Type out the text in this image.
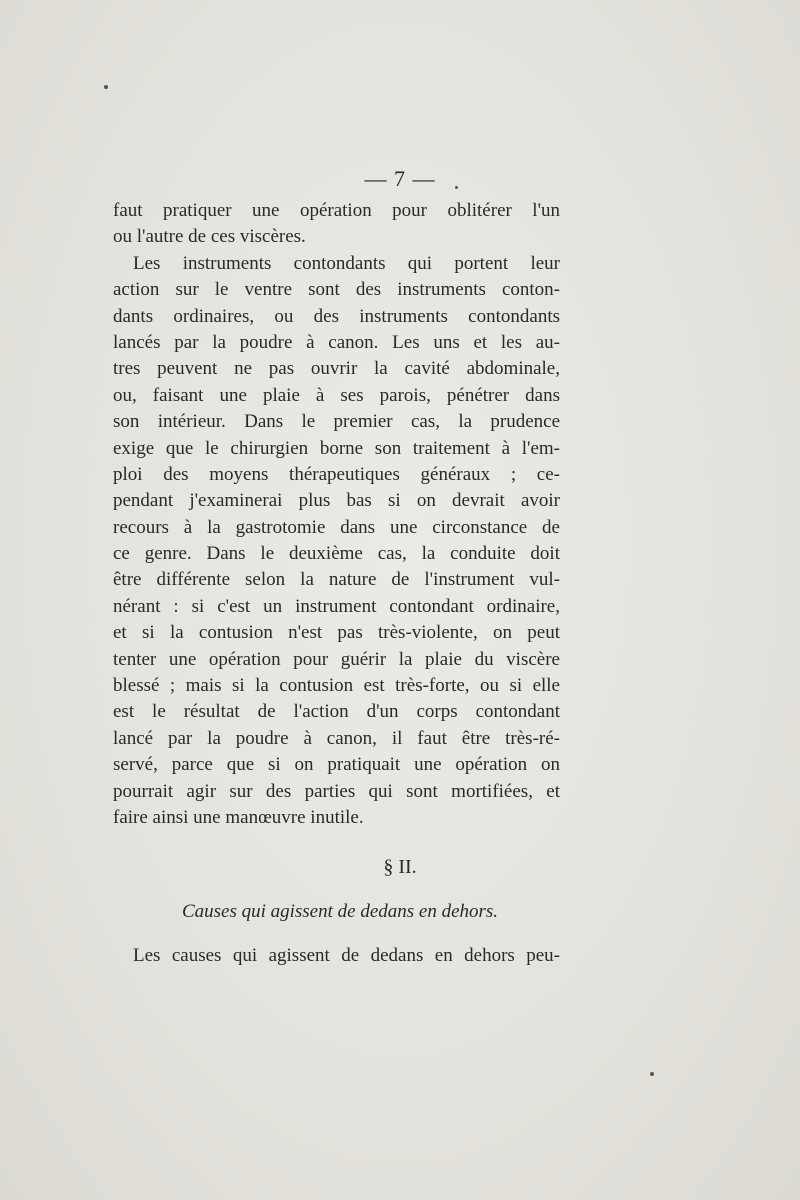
— 7 —
faut pratiquer une opération pour oblitérer l'un
ou l'autre de ces viscères.
Les instruments contondants qui portent leur
action sur le ventre sont des instruments conton-
dants ordinaires, ou des instruments contondants
lancés par la poudre à canon. Les uns et les au-
tres peuvent ne pas ouvrir la cavité abdominale,
ou, faisant une plaie à ses parois, pénétrer dans
son intérieur. Dans le premier cas, la prudence
exige que le chirurgien borne son traitement à l'em-
ploi des moyens thérapeutiques généraux ; ce-
pendant j'examinerai plus bas si on devrait avoir
recours à la gastrotomie dans une circonstance de
ce genre. Dans le deuxième cas, la conduite doit
être différente selon la nature de l'instrument vul-
nérant : si c'est un instrument contondant ordinaire,
et si la contusion n'est pas très-violente, on peut
tenter une opération pour guérir la plaie du viscère
blessé ; mais si la contusion est très-forte, ou si elle
est le résultat de l'action d'un corps contondant
lancé par la poudre à canon, il faut être très-ré-
servé, parce que si on pratiquait une opération on
pourrait agir sur des parties qui sont mortifiées, et
faire ainsi une manœuvre inutile.
§ II.
Causes qui agissent de dedans en dehors.
Les causes qui agissent de dedans en dehors peu-
